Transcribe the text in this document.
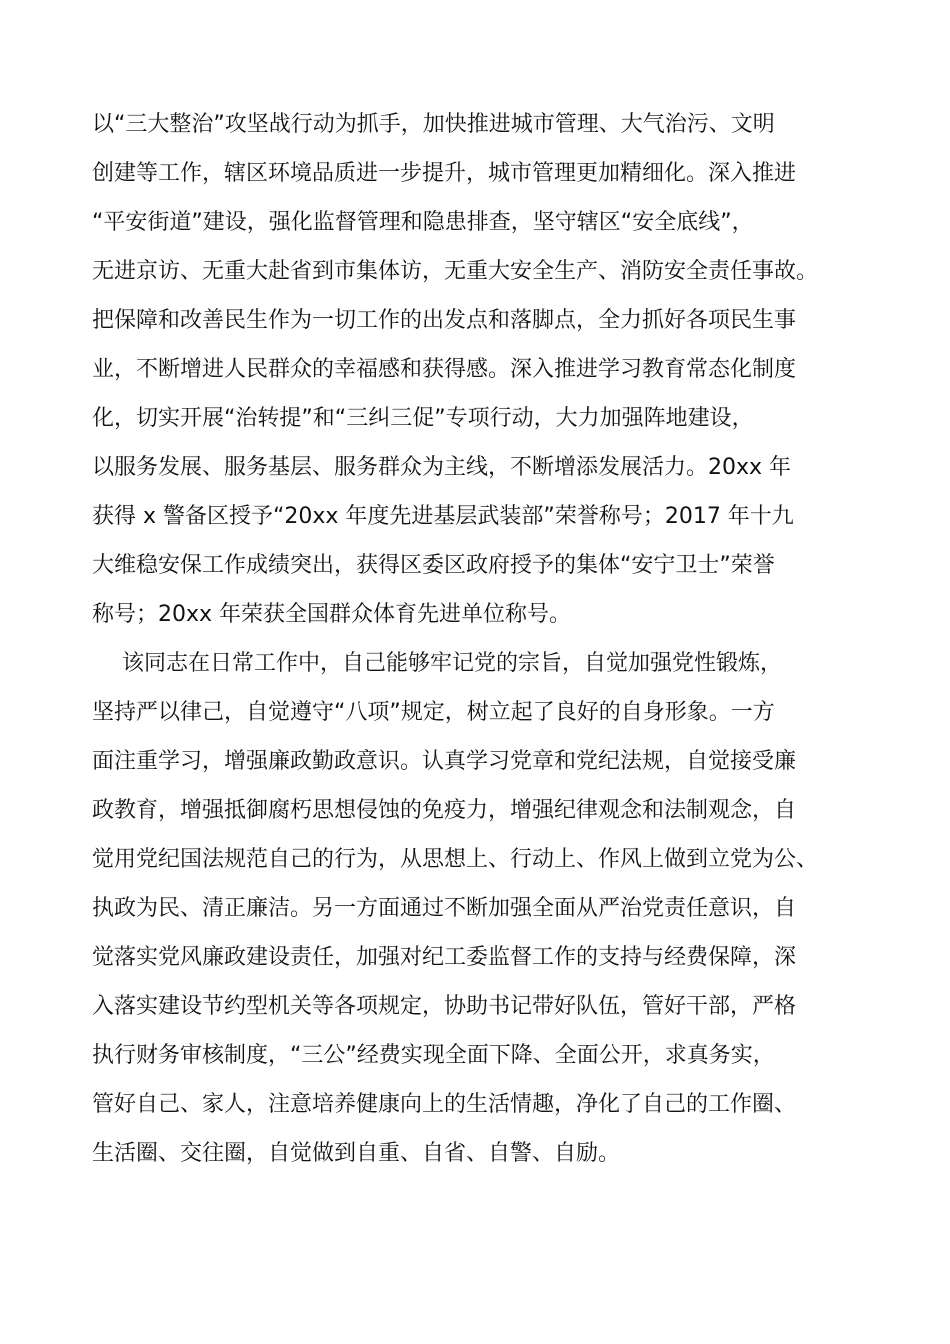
以“三大整治”攻坚战行动为抓手，加快推进城市管理、大气治污、文明
创建等工作，辖区环境品质进一步提升，城市管理更加精细化。深入推进
“平安街道”建设，强化监督管理和隐患排查，坚守辖区“安全底线”，
无进京访、无重大赴省到市集体访，无重大安全生产、消防安全责任事故。
把保障和改善民生作为一切工作的出发点和落脚点，全力抓好各项民生事
业，不断增进人民群众的幸福感和获得感。深入推进学习教育常态化制度
化，切实开展“治转提”和“三纠三促”专项行动，大力加强阵地建设，
以服务发展、服务基层、服务群众为主线，不断增添发展活力。20xx 年
获得 x 警备区授予“20xx 年度先进基层武装部”荣誉称号；2017 年十九
大维稳安保工作成绩突出，获得区委区政府授予的集体“安宁卫士”荣誉
称号；20xx 年荣获全国群众体育先进单位称号。
该同志在日常工作中，自己能够牢记党的宗旨，自觉加强党性锻炼，
坚持严以律己，自觉遵守“八项”规定，树立起了良好的自身形象。一方
面注重学习，增强廉政勤政意识。认真学习党章和党纪法规，自觉接受廉
政教育，增强抵御腐朽思想侵蚀的免疫力，增强纪律观念和法制观念，自
觉用党纪国法规范自己的行为，从思想上、行动上、作风上做到立党为公、
执政为民、清正廉洁。另一方面通过不断加强全面从严治党责任意识，自
觉落实党风廉政建设责任，加强对纪工委监督工作的支持与经费保障，深
入落实建设节约型机关等各项规定，协助书记带好队伍，管好干部，严格
执行财务审核制度，“三公”经费实现全面下降、全面公开，求真务实，
管好自己、家人，注意培养健康向上的生活情趣，净化了自己的工作圈、
生活圈、交往圈，自觉做到自重、自省、自警、自励。
